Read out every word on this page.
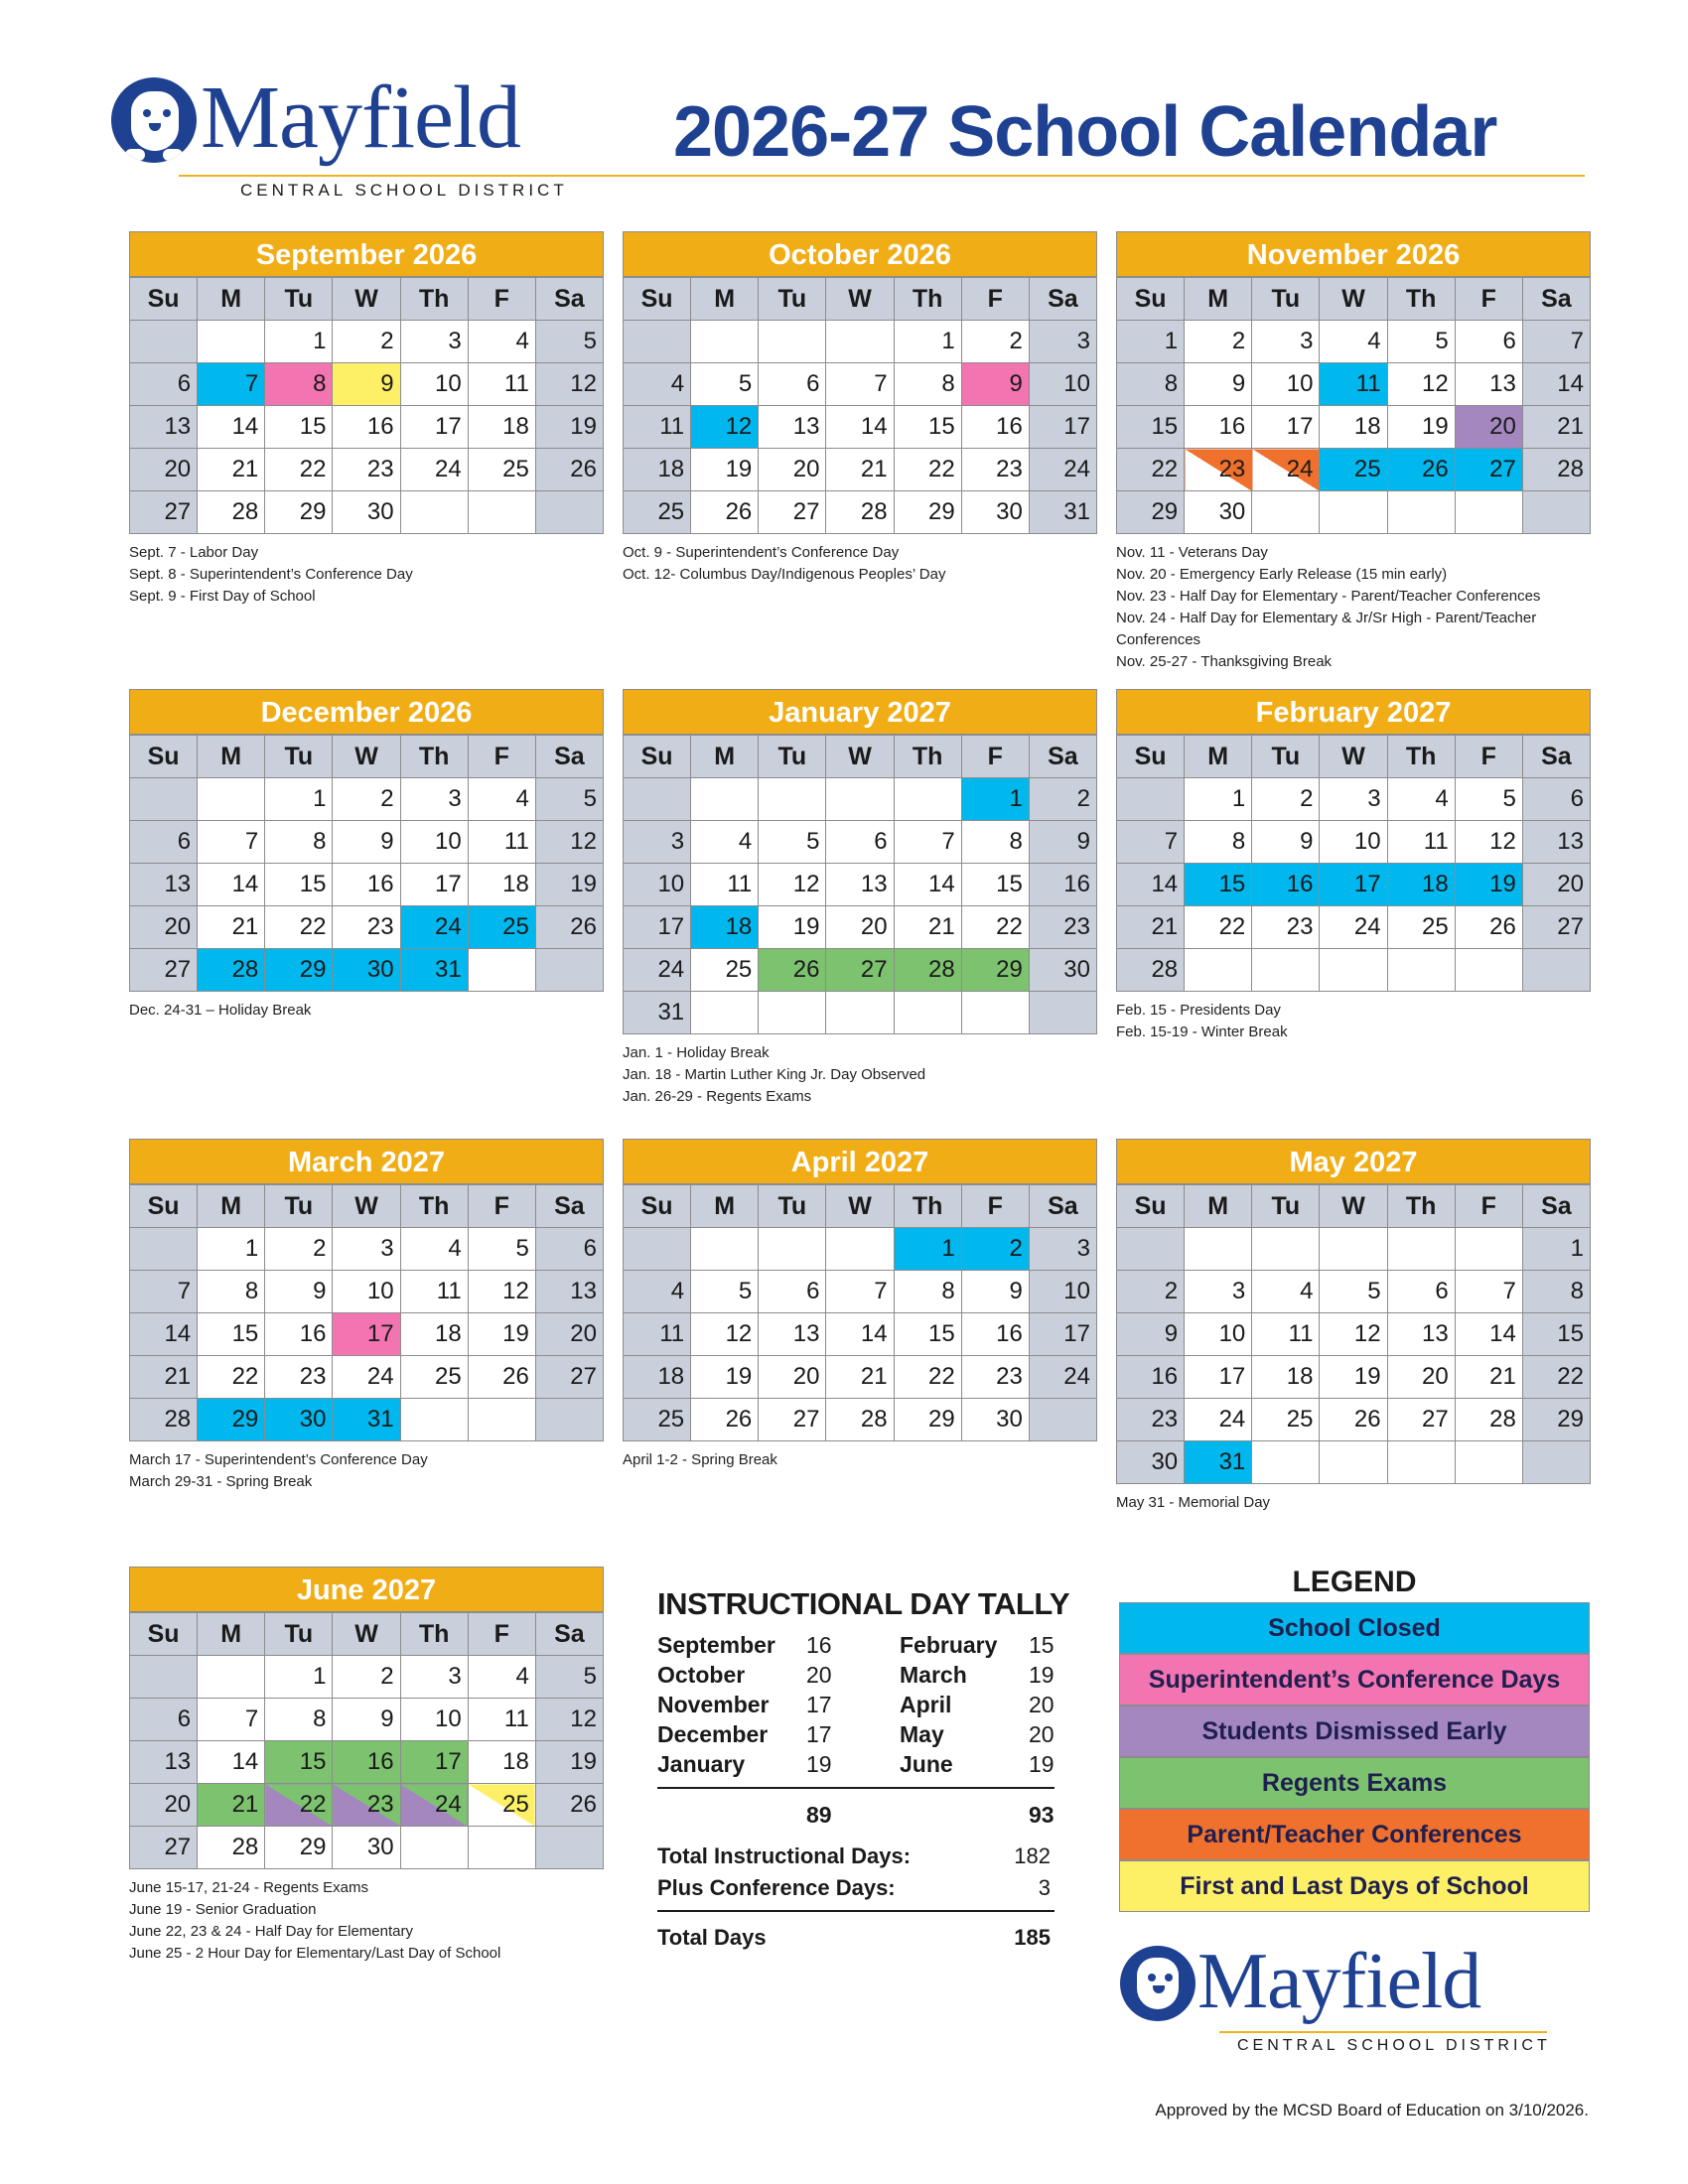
Mayfield
CENTRAL SCHOOL DISTRICT
2026-27 School Calendar
September 2026
Su	M	Tu	W	Th	F	Sa
		1	2	3	4	5
6	7	8	9	10	11	12
13	14	15	16	17	18	19
20	21	22	23	24	25	26
27	28	29	30			
Sept. 7 - Labor Day
Sept. 8 - Superintendent’s Conference Day
Sept. 9 - First Day of School
October 2026
Su	M	Tu	W	Th	F	Sa
				1	2	3
4	5	6	7	8	9	10
11	12	13	14	15	16	17
18	19	20	21	22	23	24
25	26	27	28	29	30	31
Oct. 9 - Superintendent’s Conference Day
Oct. 12- Columbus Day/Indigenous Peoples’ Day
November 2026
Su	M	Tu	W	Th	F	Sa
1	2	3	4	5	6	7
8	9	10	11	12	13	14
15	16	17	18	19	20	21
22	23	24	25	26	27	28
29	30					
Nov. 11 - Veterans Day
Nov. 20 - Emergency Early Release (15 min early)
Nov. 23 - Half Day for Elementary - Parent/Teacher Conferences
Nov. 24 - Half Day for Elementary & Jr/Sr High - Parent/Teacher Conferences
Nov. 25-27 - Thanksgiving Break
December 2026
Su	M	Tu	W	Th	F	Sa
		1	2	3	4	5
6	7	8	9	10	11	12
13	14	15	16	17	18	19
20	21	22	23	24	25	26
27	28	29	30	31		
Dec. 24-31 – Holiday Break
January 2027
Su	M	Tu	W	Th	F	Sa
					1	2
3	4	5	6	7	8	9
10	11	12	13	14	15	16
17	18	19	20	21	22	23
24	25	26	27	28	29	30
31						
Jan. 1 - Holiday Break
Jan. 18 - Martin Luther King Jr. Day Observed
Jan. 26-29 - Regents Exams
February 2027
Su	M	Tu	W	Th	F	Sa
	1	2	3	4	5	6
7	8	9	10	11	12	13
14	15	16	17	18	19	20
21	22	23	24	25	26	27
28						
Feb. 15 - Presidents Day
Feb. 15-19 - Winter Break
March 2027
Su	M	Tu	W	Th	F	Sa
	1	2	3	4	5	6
7	8	9	10	11	12	13
14	15	16	17	18	19	20
21	22	23	24	25	26	27
28	29	30	31			
March 17 - Superintendent’s Conference Day
March 29-31 - Spring Break
April 2027
Su	M	Tu	W	Th	F	Sa
				1	2	3
4	5	6	7	8	9	10
11	12	13	14	15	16	17
18	19	20	21	22	23	24
25	26	27	28	29	30	
April 1-2 - Spring Break
May 2027
Su	M	Tu	W	Th	F	Sa
						1
2	3	4	5	6	7	8
9	10	11	12	13	14	15
16	17	18	19	20	21	22
23	24	25	26	27	28	29
30	31					
May 31 - Memorial Day
June 2027
Su	M	Tu	W	Th	F	Sa
		1	2	3	4	5
6	7	8	9	10	11	12
13	14	15	16	17	18	19
20	21	22	23	24	25	26
27	28	29	30			
June 15-17, 21-24 - Regents Exams
June 19 - Senior Graduation
June 22, 23 & 24 - Half Day for Elementary
June 25 - 2 Hour Day for Elementary/Last Day of School
INSTRUCTIONAL DAY TALLY
September	16
October	20
November	17
December	17
January	19
February	15
March	19
April	20
May	20
June	19
89	93
Total Instructional Days:	182
Plus Conference Days:	3
Total Days	185
LEGEND
School Closed
Superintendent’s Conference Days
Students Dismissed Early
Regents Exams
Parent/Teacher Conferences
First and Last Days of School
Mayfield
CENTRAL SCHOOL DISTRICT
Approved by the MCSD Board of Education on 3/10/2026.
